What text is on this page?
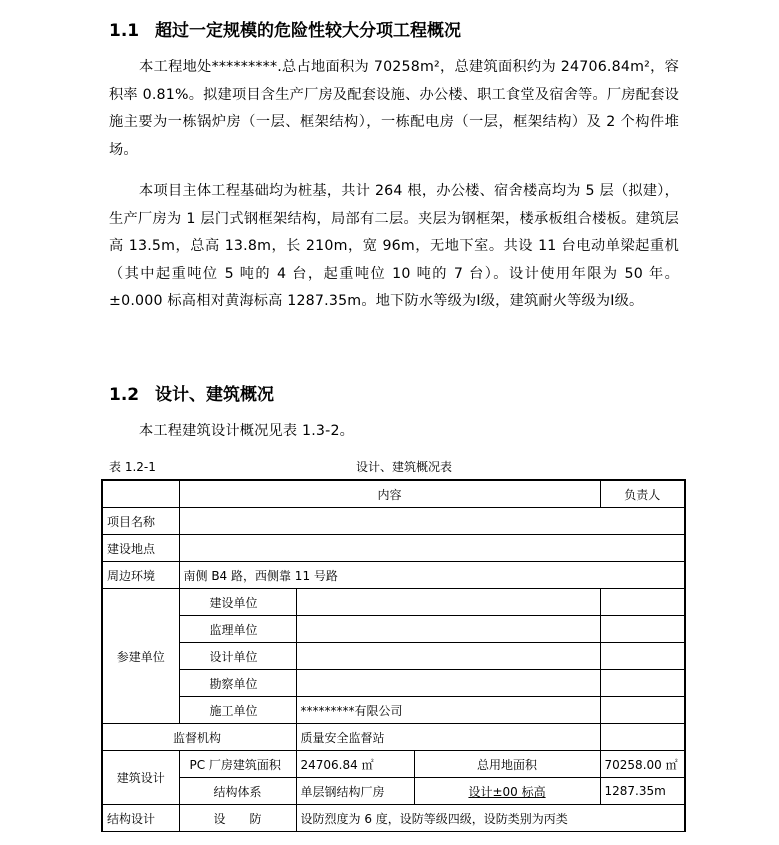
1.1 超过一定规模的危险性较大分项工程概况
本工程地处*********.总占地面积为 70258m²，总建筑面积约为 24706.84m²，容积率 0.81%。拟建项目含生产厂房及配套设施、办公楼、职工食堂及宿舍等。厂房配套设施主要为一栋锅炉房（一层、框架结构），一栋配电房（一层，框架结构）及 2 个构件堆场。
本项目主体工程基础均为桩基，共计 264 根，办公楼、宿舍楼高均为 5 层（拟建），生产厂房为 1 层门式钢框架结构，局部有二层。夹层为钢框架，楼承板组合楼板。建筑层高 13.5m，总高 13.8m，长 210m，宽 96m，无地下室。共设 11 台电动单梁起重机（其中起重吨位 5 吨的 4 台，起重吨位 10 吨的 7 台）。设计使用年限为 50 年。±0.000 标高相对黄海标高 1287.35m。地下防水等级为Ⅰ级，建筑耐火等级为Ⅰ级。
1.2 设计、建筑概况
本工程建筑设计概况见表 1.3-2。
表 1.2-1	设计、建筑概况表
	内容			负责人
项目名称				
建设地点				
周边环境	南侧 B4 路，西侧靠 11 号路			
参建单位	建设单位			
	监理单位			
	设计单位			
	勘察单位			
	施工单位	*********有限公司		
监督机构		质量安全监督站		
建筑设计	PC 厂房建筑面积	24706.84 ㎡	总用地面积	70258.00 ㎡
	结构体系	单层钢结构厂房	设计±00 标高	1287.35m
结构设计	设　　防	设防烈度为 6 度，设防等级四级，设防类别为丙类		
